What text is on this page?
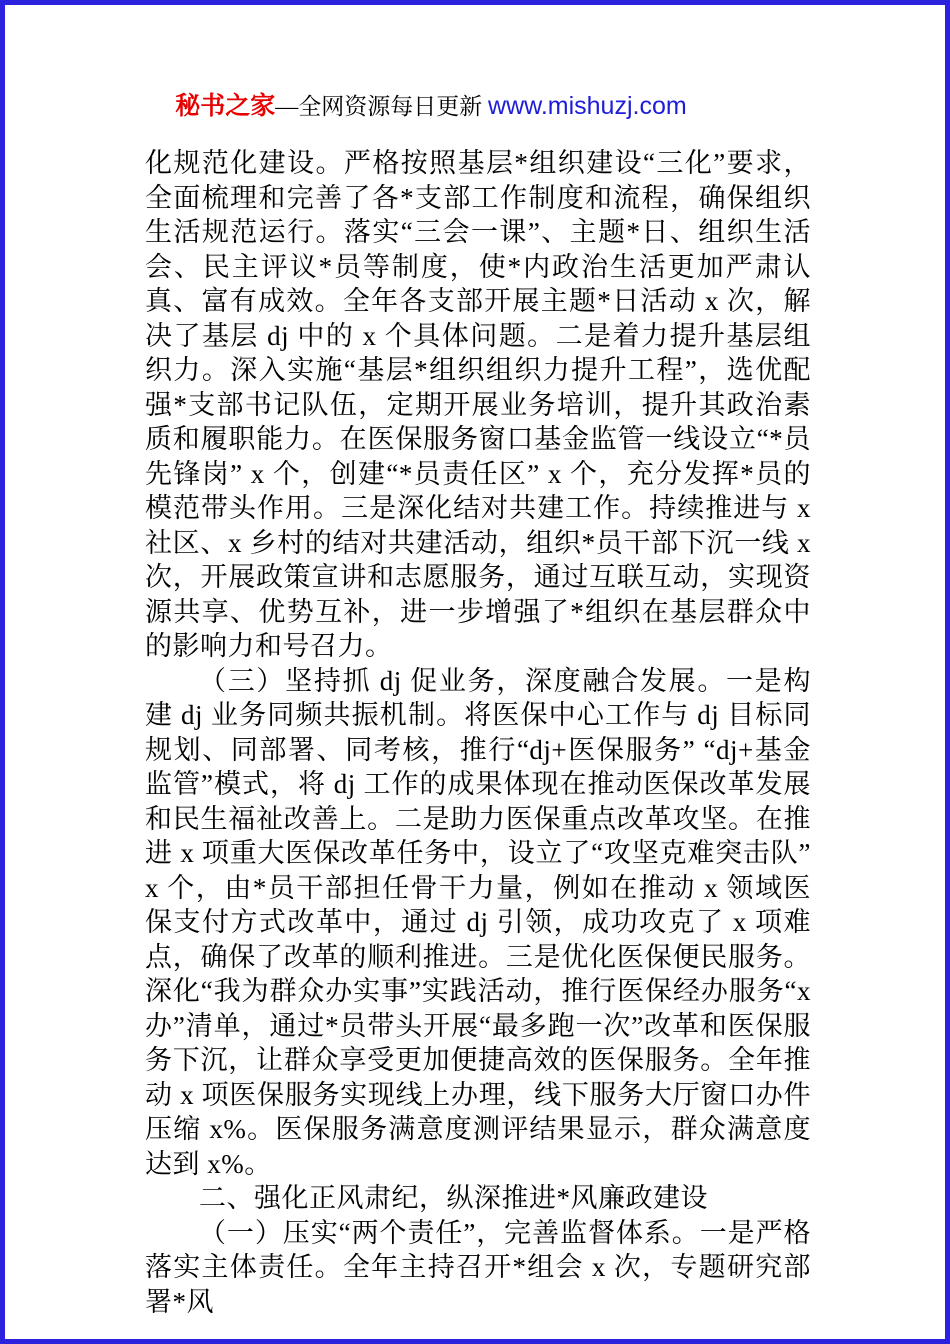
秘书之家—全网资源每日更新 www.mishuzj.com

化规范化建设。严格按照基层*组织建设“三化”要求，全面梳理和完善了各*支部工作制度和流程，确保组织生活规范运行。落实“三会一课”、主题*日、组织生活会、民主评议*员等制度，使*内政治生活更加严肃认真、富有成效。全年各支部开展主题*日活动 x 次，解决了基层 dj 中的 x 个具体问题。二是着力提升基层组织力。深入实施“基层*组织组织力提升工程”，选优配强*支部书记队伍，定期开展业务培训，提升其政治素质和履职能力。在医保服务窗口基金监管一线设立“*员先锋岗” x 个，创建“*员责任区” x 个，充分发挥*员的模范带头作用。三是深化结对共建工作。持续推进与 x 社区、x 乡村的结对共建活动，组织*员干部下沉一线 x 次，开展政策宣讲和志愿服务，通过互联互动，实现资源共享、优势互补，进一步增强了*组织在基层群众中的影响力和号召力。

（三）坚持抓 dj 促业务，深度融合发展。一是构建 dj 业务同频共振机制。将医保中心工作与 dj 目标同规划、同部署、同考核，推行“dj+医保服务” “dj+基金监管”模式，将 dj 工作的成果体现在推动医保改革发展和民生福祉改善上。二是助力医保重点改革攻坚。在推进 x 项重大医保改革任务中，设立了“攻坚克难突击队” x 个，由*员干部担任骨干力量，例如在推动 x 领域医保支付方式改革中，通过 dj 引领，成功攻克了 x 项难点，确保了改革的顺利推进。三是优化医保便民服务。深化“我为群众办实事”实践活动，推行医保经办服务“x 办”清单，通过*员带头开展“最多跑一次”改革和医保服务下沉，让群众享受更加便捷高效的医保服务。全年推动 x 项医保服务实现线上办理，线下服务大厅窗口办件压缩 x%。医保服务满意度测评结果显示，群众满意度达到 x%。

二、强化正风肃纪，纵深推进*风廉政建设

（一）压实“两个责任”，完善监督体系。一是严格落实主体责任。全年主持召开*组会 x 次，专题研究部署*风
